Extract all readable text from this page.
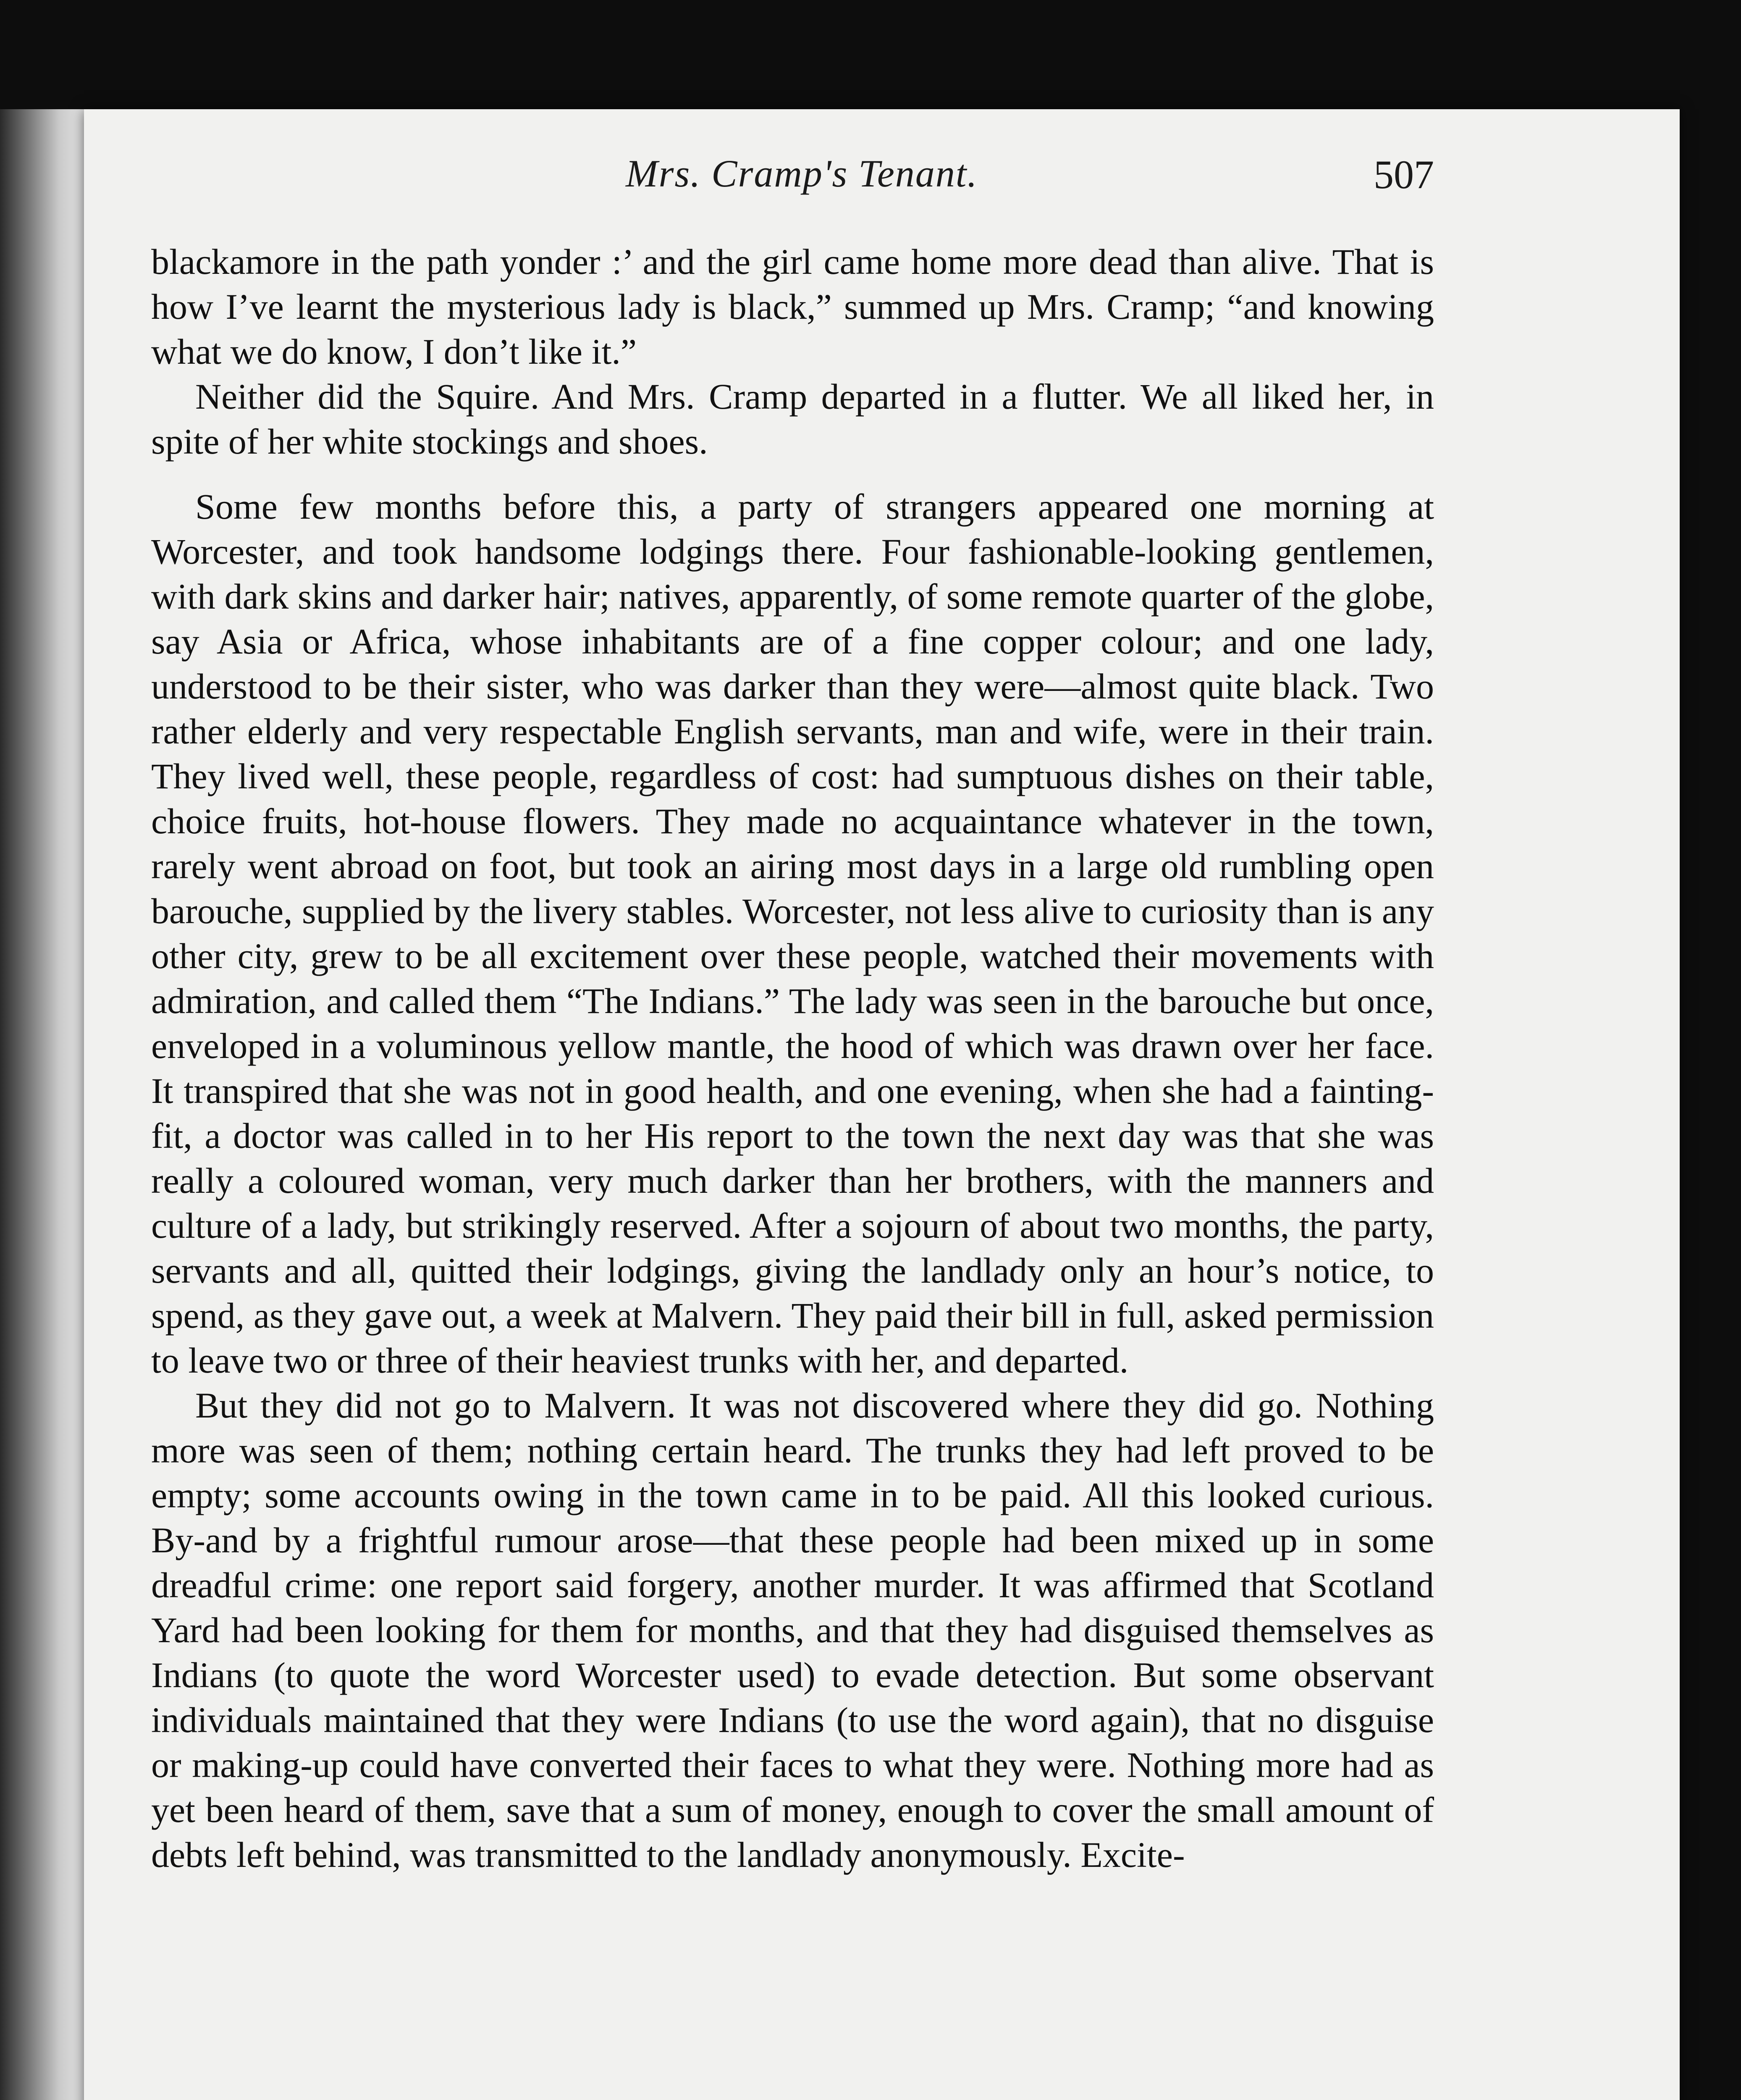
Mrs. Cramp's Tenant.	507

blackamore in the path yonder :’ and the girl came home more dead than alive. That is how I’ve learnt the mysterious lady is black,” summed up Mrs. Cramp; “and knowing what we do know, I don’t like it.”

Neither did the Squire. And Mrs. Cramp departed in a flutter. We all liked her, in spite of her white stockings and shoes.

Some few months before this, a party of strangers appeared one morning at Worcester, and took handsome lodgings there. Four fashionable-looking gentlemen, with dark skins and darker hair; natives, apparently, of some remote quarter of the globe, say Asia or Africa, whose inhabitants are of a fine copper colour; and one lady, understood to be their sister, who was darker than they were—almost quite black. Two rather elderly and very respectable English servants, man and wife, were in their train. They lived well, these people, regardless of cost: had sumptuous dishes on their table, choice fruits, hot-house flowers. They made no acquaintance whatever in the town, rarely went abroad on foot, but took an airing most days in a large old rumbling open barouche, supplied by the livery stables. Worcester, not less alive to curiosity than is any other city, grew to be all excitement over these people, watched their movements with admiration, and called them “The Indians.” The lady was seen in the barouche but once, enveloped in a voluminous yellow mantle, the hood of which was drawn over her face. It transpired that she was not in good health, and one evening, when she had a fainting-fit, a doctor was called in to her His report to the town the next day was that she was really a coloured woman, very much darker than her brothers, with the manners and culture of a lady, but strikingly reserved. After a sojourn of about two months, the party, servants and all, quitted their lodgings, giving the landlady only an hour’s notice, to spend, as they gave out, a week at Malvern. They paid their bill in full, asked permission to leave two or three of their heaviest trunks with her, and departed.

But they did not go to Malvern. It was not discovered where they did go. Nothing more was seen of them; nothing certain heard. The trunks they had left proved to be empty; some accounts owing in the town came in to be paid. All this looked curious. By-and by a frightful rumour arose—that these people had been mixed up in some dreadful crime: one report said forgery, another murder. It was affirmed that Scotland Yard had been looking for them for months, and that they had disguised themselves as Indians (to quote the word Worcester used) to evade detection. But some observant individuals maintained that they were Indians (to use the word again), that no disguise or making-up could have converted their faces to what they were. Nothing more had as yet been heard of them, save that a sum of money, enough to cover the small amount of debts left behind, was transmitted to the landlady anonymously. Excite-
